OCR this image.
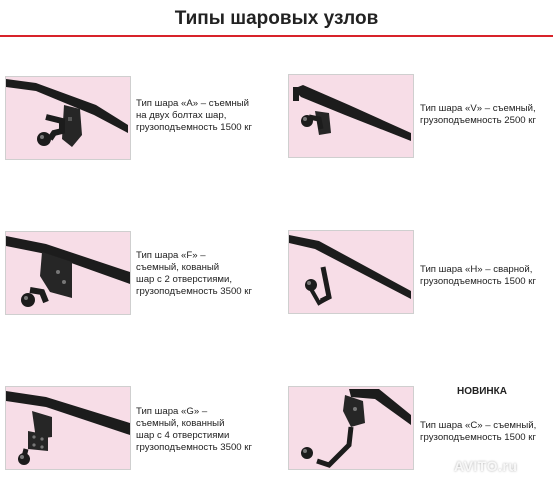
Типы шаровых узлов
Тип шара «А» – съемный
на двух болтах шар,
грузоподъемность 1500 кг
Тип шара «V» – съемный,
грузоподъемность 2500 кг
Тип шара «F» –
съемный, кованый
шар с 2 отверстиями,
грузоподъемность 3500 кг
Тип шара «H» – сварной,
грузоподъемность 1500 кг
Тип шара «G» –
съемный, кованный
шар с 4 отверстиями
грузоподъемность 3500 кг
НОВИНКА
Тип шара «C» – съемный,
грузоподъемность 1500 кг
AVITO.ru
